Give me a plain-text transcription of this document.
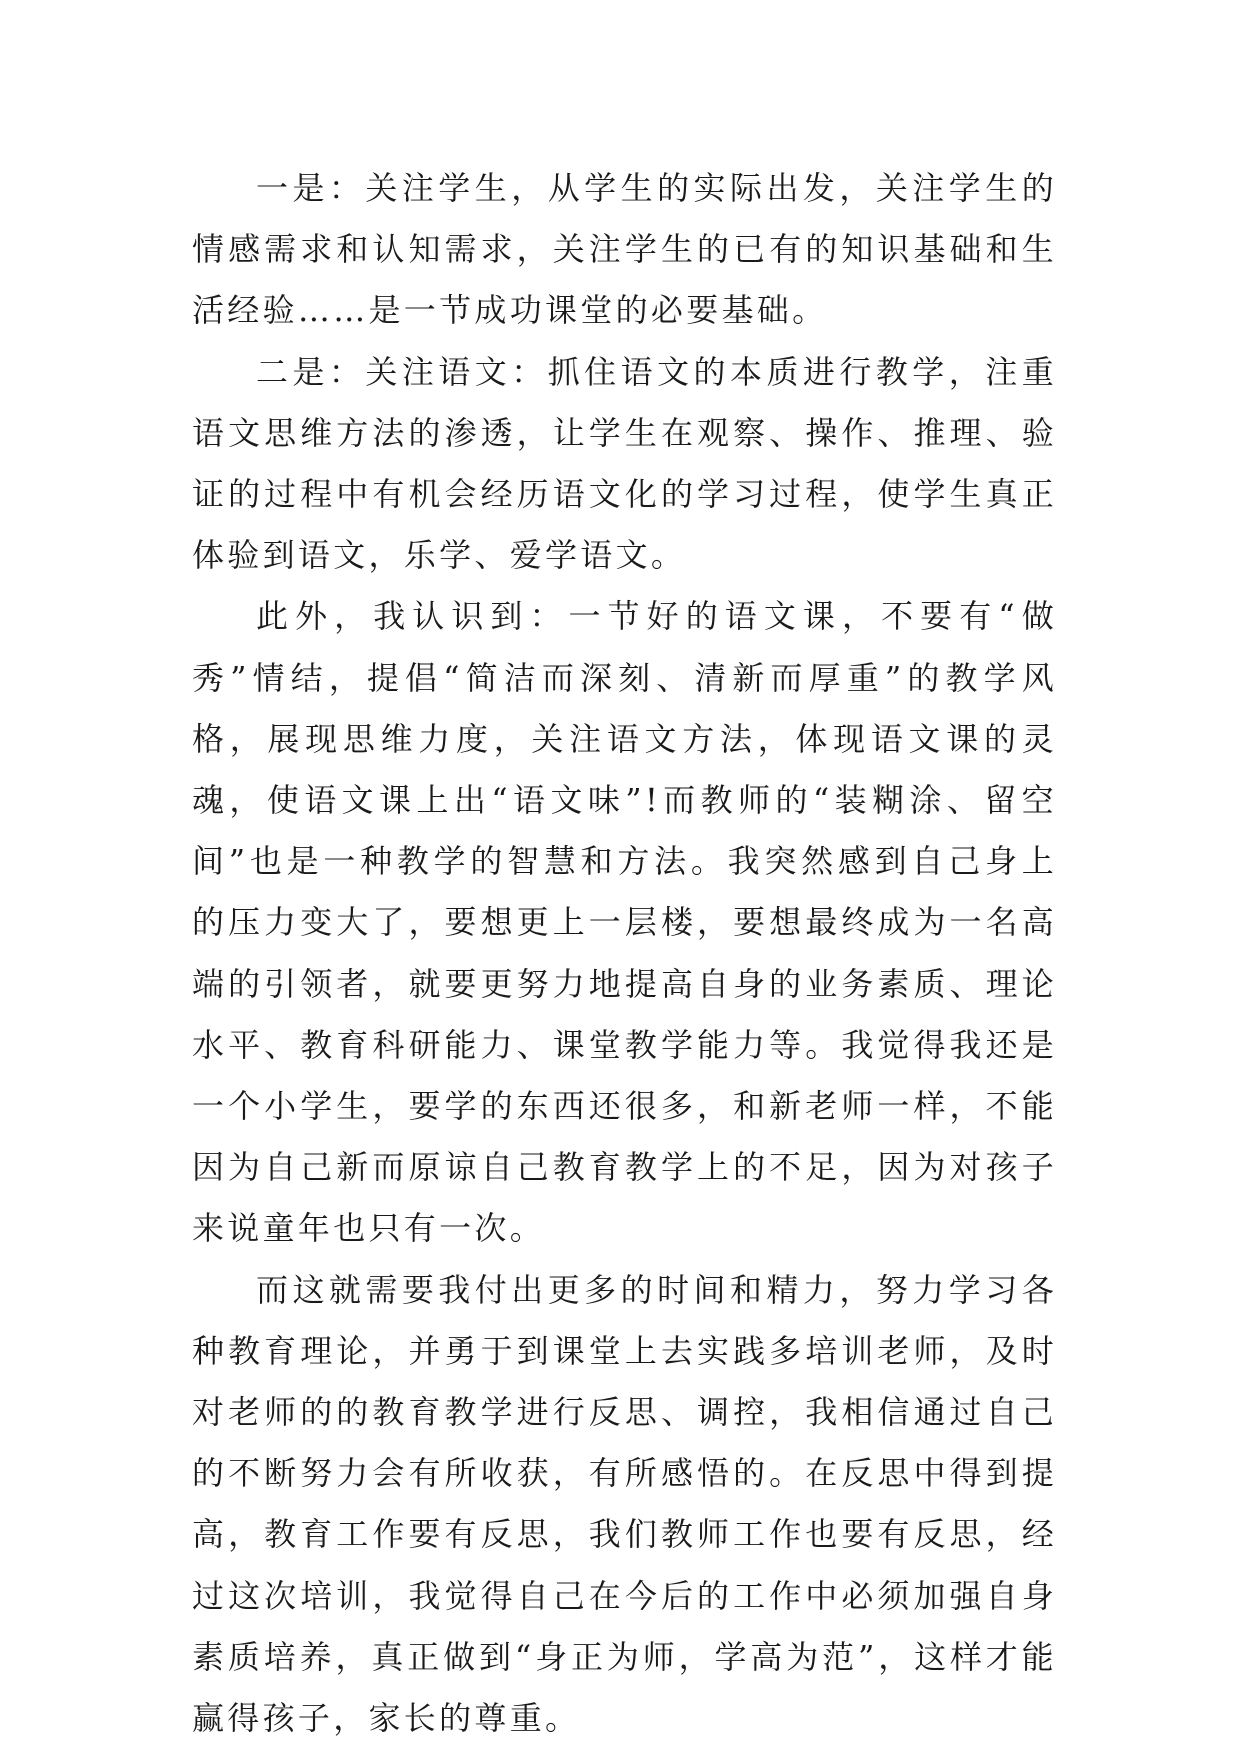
一是：关注学生，从学生的实际出发，关注学生的情感需求和认知需求，关注学生的已有的知识基础和生活经验……是一节成功课堂的必要基础。

二是：关注语文：抓住语文的本质进行教学，注重语文思维方法的渗透，让学生在观察、操作、推理、验证的过程中有机会经历语文化的学习过程，使学生真正体验到语文，乐学、爱学语文。

此外，我认识到：一节好的语文课，不要有“做秀”情结，提倡“简洁而深刻、清新而厚重”的教学风格，展现思维力度，关注语文方法，体现语文课的灵魂，使语文课上出“语文味”!而教师的“装糊涂、留空间”也是一种教学的智慧和方法。我突然感到自己身上的压力变大了，要想更上一层楼，要想最终成为一名高端的引领者，就要更努力地提高自身的业务素质、理论水平、教育科研能力、课堂教学能力等。我觉得我还是一个小学生，要学的东西还很多，和新老师一样，不能因为自己新而原谅自己教育教学上的不足，因为对孩子来说童年也只有一次。

而这就需要我付出更多的时间和精力，努力学习各种教育理论，并勇于到课堂上去实践多培训老师，及时对老师的的教育教学进行反思、调控，我相信通过自己的不断努力会有所收获，有所感悟的。在反思中得到提高，教育工作要有反思，我们教师工作也要有反思，经过这次培训，我觉得自己在今后的工作中必须加强自身素质培养，真正做到“身正为师，学高为范”，这样才能赢得孩子，家长的尊重。
